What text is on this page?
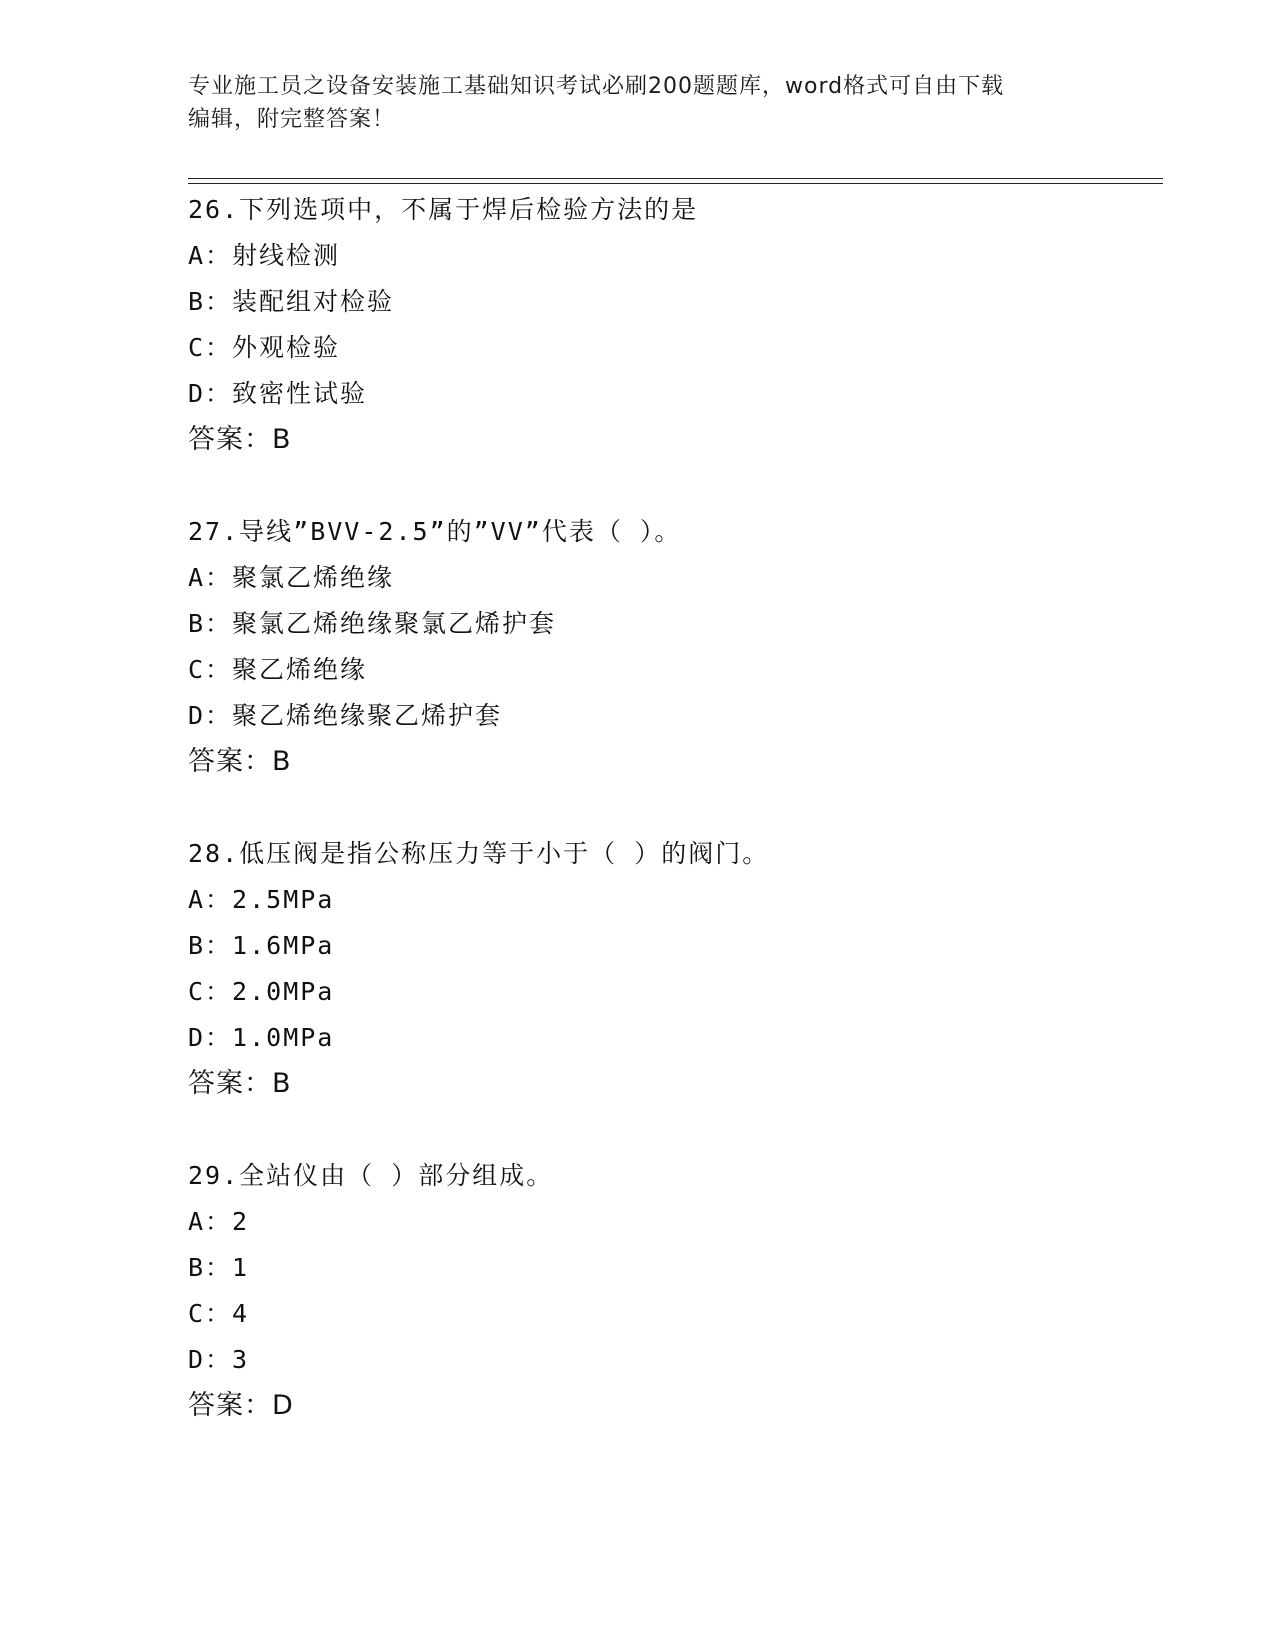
专业施工员之设备安装施工基础知识考试必刷200题题库，word格式可自由下载
编辑，附完整答案！
26.下列选项中，不属于焊后检验方法的是
A：射线检测
B：装配组对检验
C：外观检验
D：致密性试验
答案：B
27.导线”BVV-2.5”的”VV”代表（ ）。
A：聚氯乙烯绝缘
B：聚氯乙烯绝缘聚氯乙烯护套
C：聚乙烯绝缘
D：聚乙烯绝缘聚乙烯护套
答案：B
28.低压阀是指公称压力等于小于（ ）的阀门。
A：2.5MPa
B：1.6MPa
C：2.0MPa
D：1.0MPa
答案：B
29.全站仪由（ ）部分组成。
A：2
B：1
C：4
D：3
答案：D
